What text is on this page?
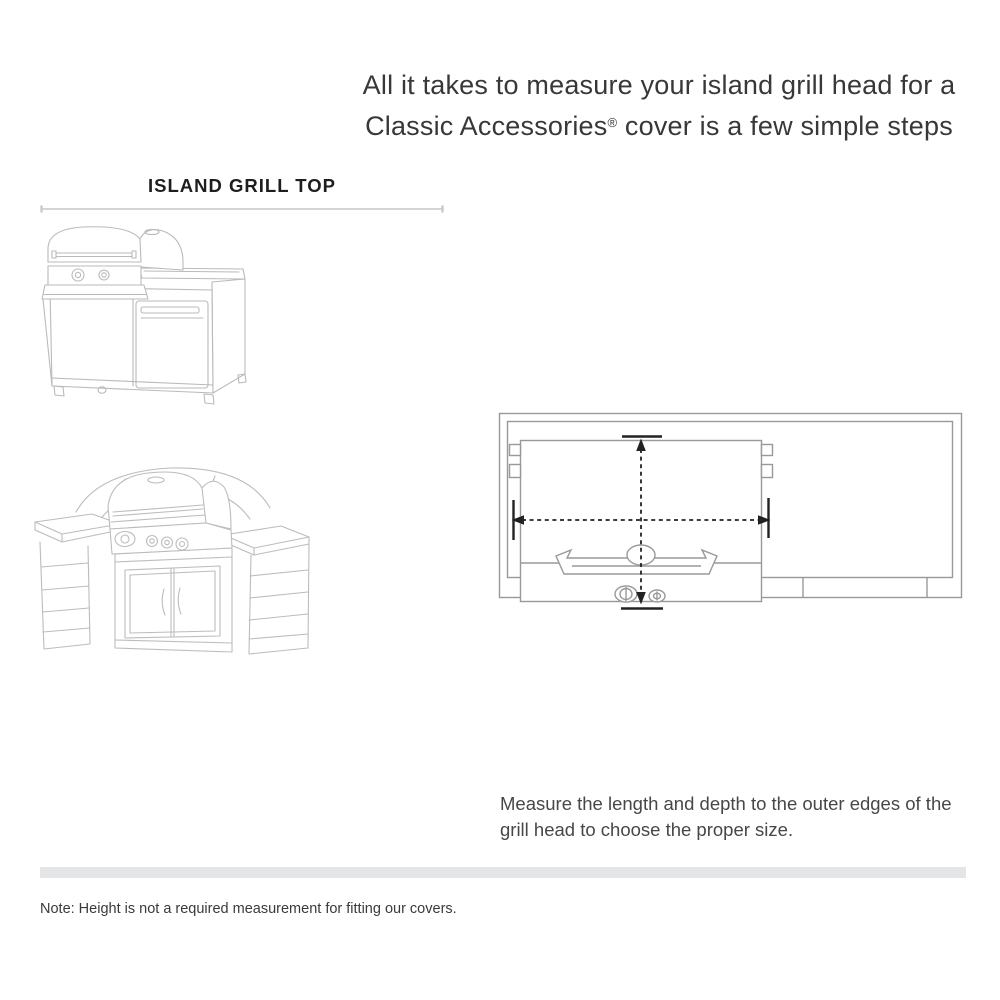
All it takes to measure your island grill head for a
Classic Accessories® cover is a few simple steps
ISLAND GRILL TOP
Measure the length and depth to the outer edges of the grill head to choose the proper size.
Note: Height is not a required measurement for fitting our covers.
